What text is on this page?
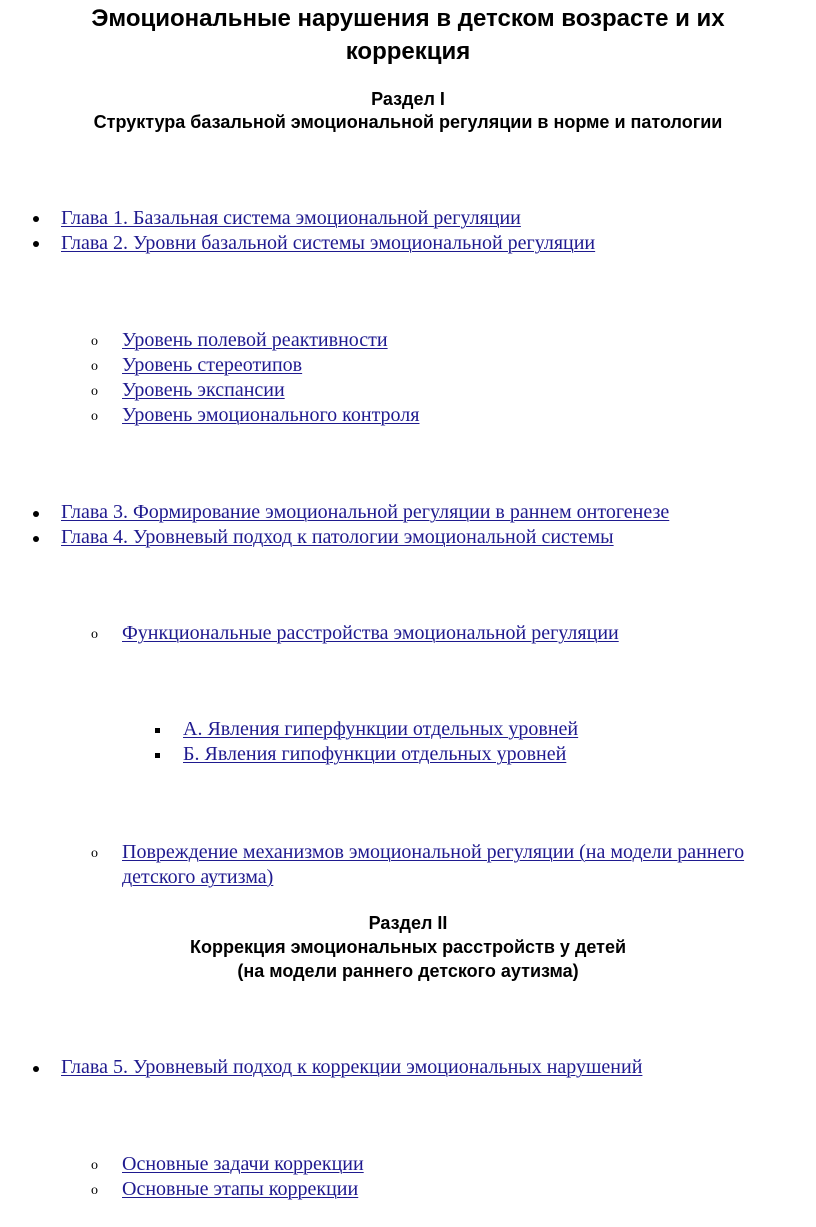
Эмоциональные нарушения в детском возрасте и их коррекция
Раздел I
Структура базальной эмоциональной регуляции в норме и патологии
Глава 1. Базальная система эмоциональной регуляции
Глава 2. Уровни базальной системы эмоциональной регуляции
o Уровень полевой реактивности
o Уровень стереотипов
o Уровень экспансии
o Уровень эмоционального контроля
Глава 3. Формирование эмоциональной регуляции в раннем онтогенезе
Глава 4. Уровневый подход к патологии эмоциональной системы
o Функциональные расстройства эмоциональной регуляции
А. Явления гиперфункции отдельных уровней
Б. Явления гипофункции отдельных уровней
o Повреждение механизмов эмоциональной регуляции (на модели раннего детского аутизма)
Раздел II
Коррекция эмоциональных расстройств у детей
(на модели раннего детского аутизма)
Глава 5. Уровневый подход к коррекции эмоциональных нарушений
o Основные задачи коррекции
o Основные этапы коррекции
